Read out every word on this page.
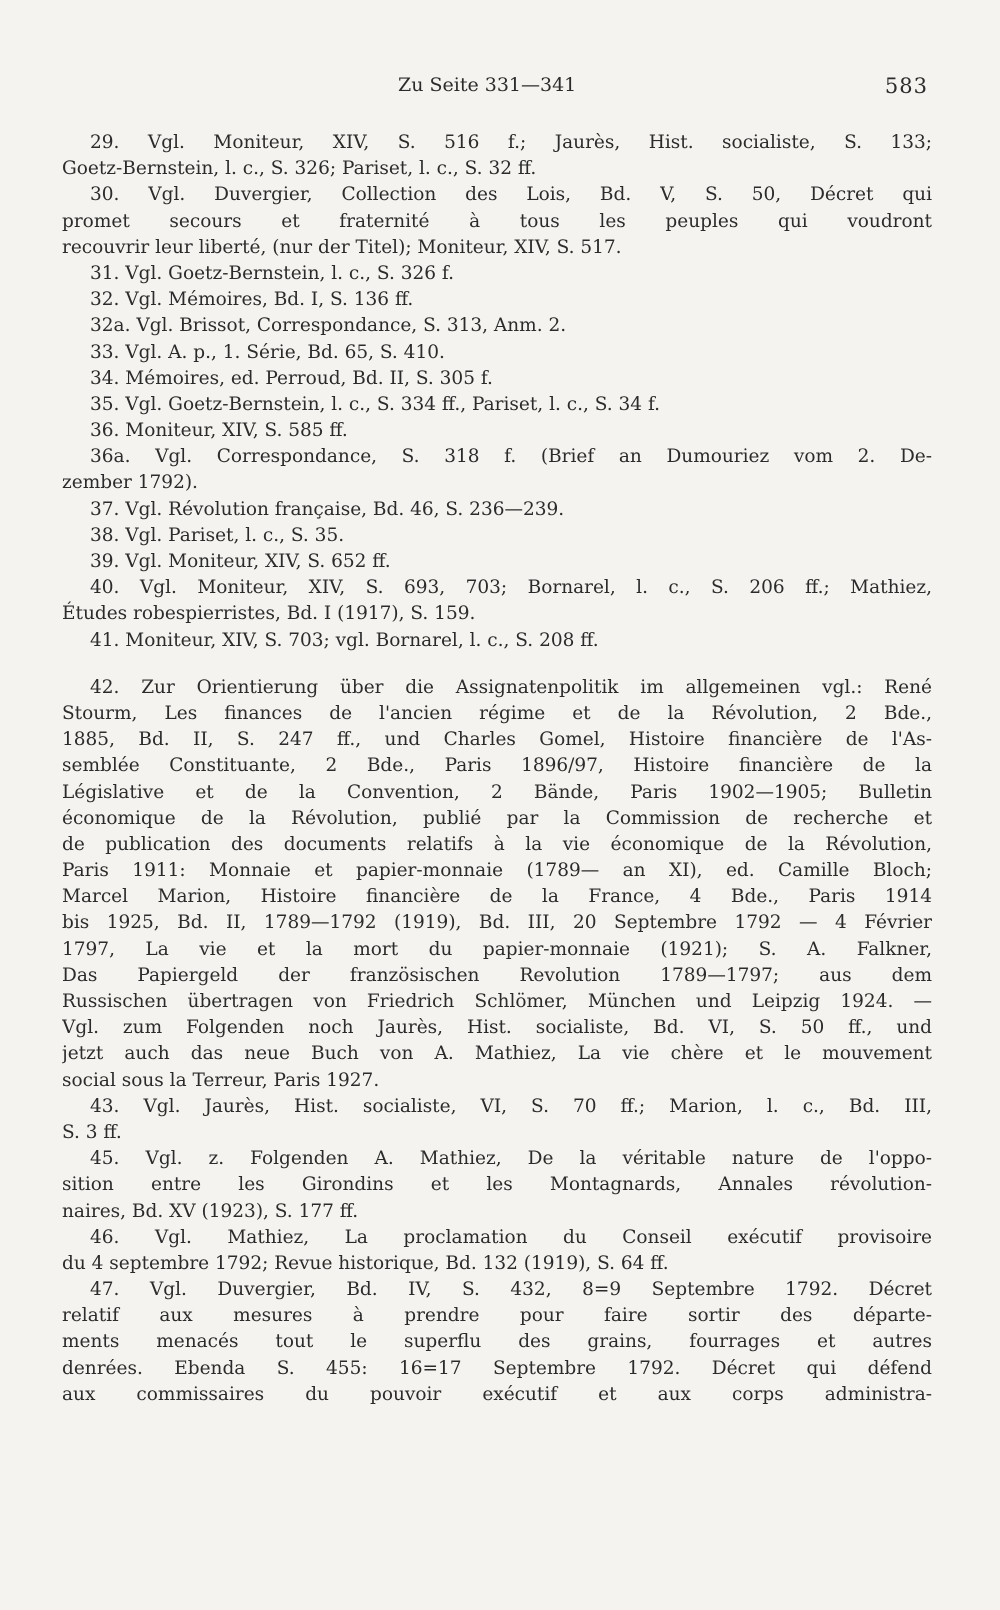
Zu Seite 331—341	583
29. Vgl. Moniteur, XIV, S. 516 f.; Jaurès, Hist. socialiste, S. 133;
Goetz-Bernstein, l. c., S. 326; Pariset, l. c., S. 32 ff.
30. Vgl. Duvergier, Collection des Lois, Bd. V, S. 50, Décret qui
promet secours et fraternité à tous les peuples qui voudront
recouvrir leur liberté, (nur der Titel); Moniteur, XIV, S. 517.
31. Vgl. Goetz-Bernstein, l. c., S. 326 f.
32. Vgl. Mémoires, Bd. I, S. 136 ff.
32a. Vgl. Brissot, Correspondance, S. 313, Anm. 2.
33. Vgl. A. p., 1. Série, Bd. 65, S. 410.
34. Mémoires, ed. Perroud, Bd. II, S. 305 f.
35. Vgl. Goetz-Bernstein, l. c., S. 334 ff., Pariset, l. c., S. 34 f.
36. Moniteur, XIV, S. 585 ff.
36a. Vgl. Correspondance, S. 318 f. (Brief an Dumouriez vom 2. De-
zember 1792).
37. Vgl. Révolution française, Bd. 46, S. 236—239.
38. Vgl. Pariset, l. c., S. 35.
39. Vgl. Moniteur, XIV, S. 652 ff.
40. Vgl. Moniteur, XIV, S. 693, 703; Bornarel, l. c., S. 206 ff.; Mathiez,
Études robespierristes, Bd. I (1917), S. 159.
41. Moniteur, XIV, S. 703; vgl. Bornarel, l. c., S. 208 ff.
42. Zur Orientierung über die Assignatenpolitik im allgemeinen vgl.: René
Stourm, Les finances de l'ancien régime et de la Révolution, 2 Bde.,
1885, Bd. II, S. 247 ff., und Charles Gomel, Histoire financière de l'As-
semblée Constituante, 2 Bde., Paris 1896/97, Histoire financière de la
Législative et de la Convention, 2 Bände, Paris 1902—1905; Bulletin
économique de la Révolution, publié par la Commission de recherche et
de publication des documents relatifs à la vie économique de la Révolution,
Paris 1911: Monnaie et papier-monnaie (1789— an XI), ed. Camille Bloch;
Marcel Marion, Histoire financière de la France, 4 Bde., Paris 1914
bis 1925, Bd. II, 1789—1792 (1919), Bd. III, 20 Septembre 1792 — 4 Février
1797, La vie et la mort du papier-monnaie (1921); S. A. Falkner,
Das Papiergeld der französischen Revolution 1789—1797; aus dem
Russischen übertragen von Friedrich Schlömer, München und Leipzig 1924. —
Vgl. zum Folgenden noch Jaurès, Hist. socialiste, Bd. VI, S. 50 ff., und
jetzt auch das neue Buch von A. Mathiez, La vie chère et le mouvement
social sous la Terreur, Paris 1927.
43. Vgl. Jaurès, Hist. socialiste, VI, S. 70 ff.; Marion, l. c., Bd. III,
S. 3 ff.
45. Vgl. z. Folgenden A. Mathiez, De la véritable nature de l'oppo-
sition entre les Girondins et les Montagnards, Annales révolution-
naires, Bd. XV (1923), S. 177 ff.
46. Vgl. Mathiez, La proclamation du Conseil exécutif provisoire
du 4 septembre 1792; Revue historique, Bd. 132 (1919), S. 64 ff.
47. Vgl. Duvergier, Bd. IV, S. 432, 8=9 Septembre 1792. Décret
relatif aux mesures à prendre pour faire sortir des départe-
ments menacés tout le superflu des grains, fourrages et autres
denrées. Ebenda S. 455: 16=17 Septembre 1792. Décret qui défend
aux commissaires du pouvoir exécutif et aux corps administra-
